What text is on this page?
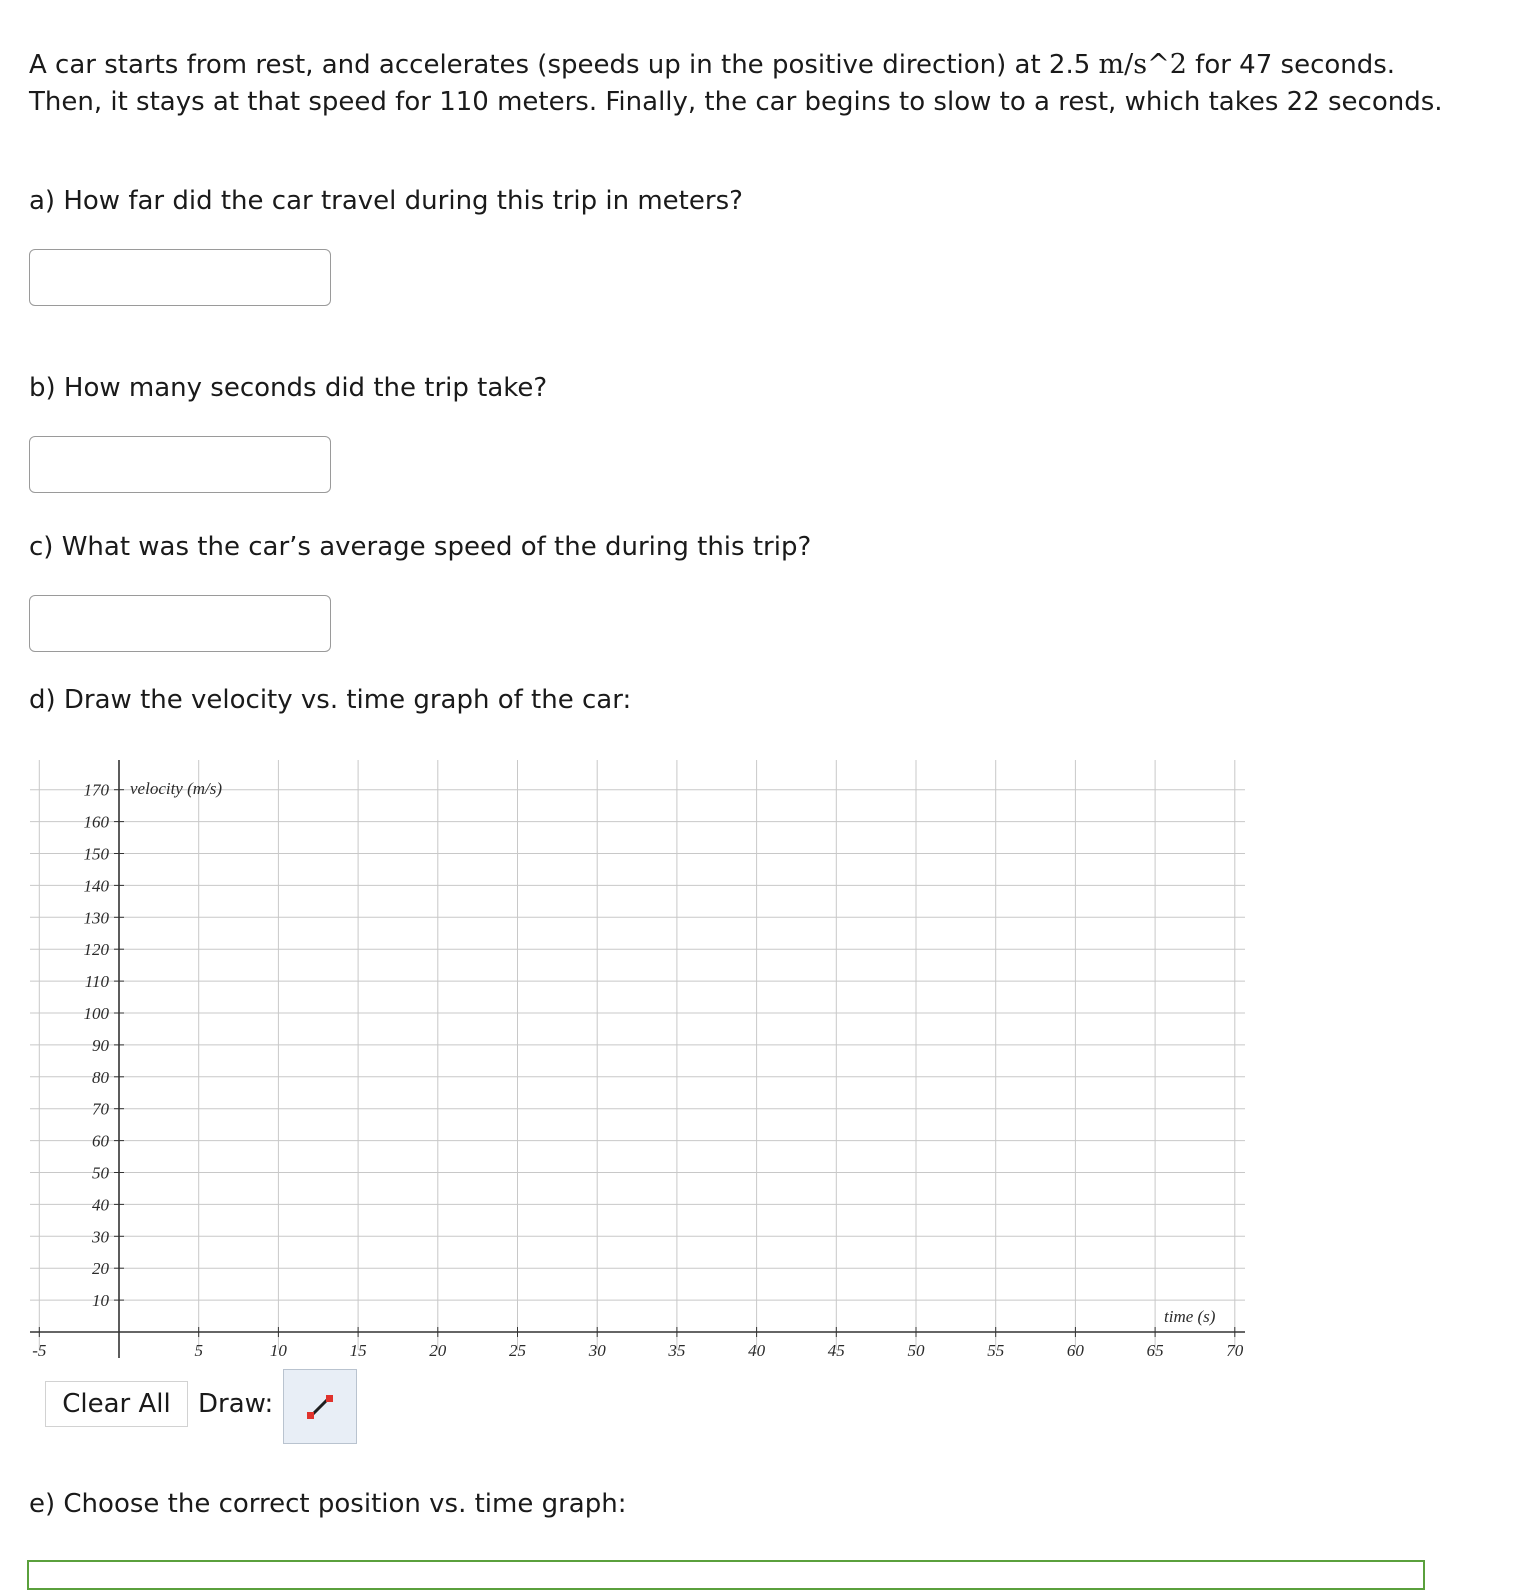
A car starts from rest, and accelerates (speeds up in the positive direction) at 2.5 m/s^2 for 47 seconds. Then, it stays at that speed for 110 meters. Finally, the car begins to slow to a rest, which takes 22 seconds.
a) How far did the car travel during this trip in meters?
b) How many seconds did the trip take?
c) What was the car’s average speed of the during this trip?
d) Draw the velocity vs. time graph of the car:
-5	5	10	15	20	25	30	35	40	45	50	55	60	65	70
10
20
30
40
50
60
70
80
90
100
110
120
130
140
150
160
170 velocity (m/s)
time (s)
Clear All	Draw:
e) Choose the correct position vs. time graph:
